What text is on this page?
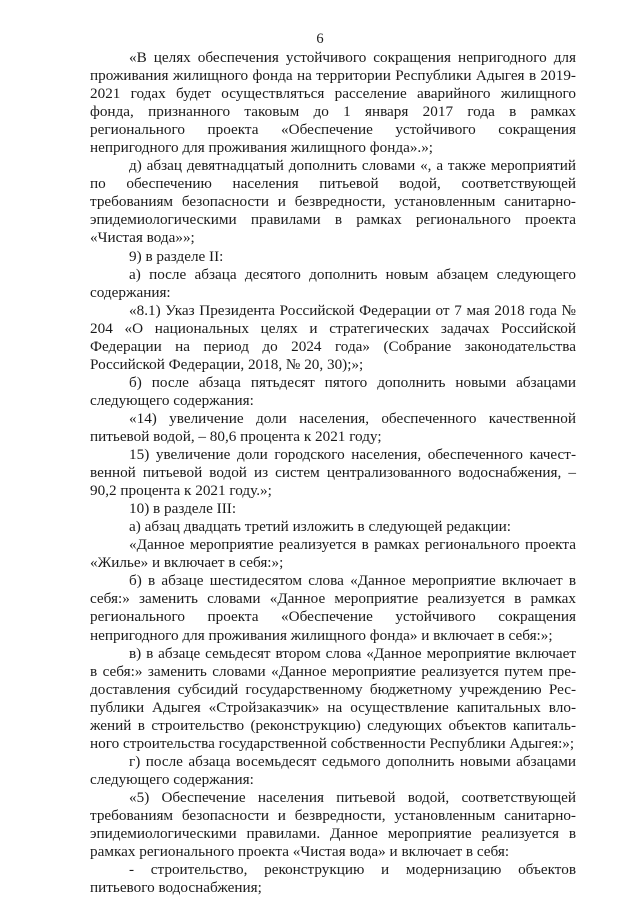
6

«В целях обеспечения устойчивого сокращения непригодного для проживания жилищного фонда на территории Республики Адыгея в 2019-2021 годах будет осуществляться расселение аварийного жилищного фонда, признанного таковым до 1 января 2017 года в рамках регионального проекта «Обеспечение устойчивого сокращения непригодного для проживания жилищного фонда».»;

д) абзац девятнадцатый дополнить словами «, а также мероприятий по обеспечению населения питьевой водой, соответствующей требованиям безопасности и безвредности, установленным санитарно-эпидемиологическими правилами в рамках регионального проекта «Чистая вода»»;

9) в разделе II:

а) после абзаца десятого дополнить новым абзацем следующего содержания:

«8.1) Указ Президента Российской Федерации от 7 мая 2018 года № 204 «О национальных целях и стратегических задачах Российской Федерации на период до 2024 года» (Собрание законодательства Российской Федерации, 2018, № 20, 30);»;

б) после абзаца пятьдесят пятого дополнить новыми абзацами следующего содержания:

«14) увеличение доли населения, обеспеченного качественной питьевой водой, – 80,6 процента к 2021 году;

15) увеличение доли городского населения, обеспеченного качественной питьевой водой из систем централизованного водоснабжения, – 90,2 процента к 2021 году.»;

10) в разделе III:

а) абзац двадцать третий изложить в следующей редакции:

«Данное мероприятие реализуется в рамках регионального проекта «Жилье» и включает в себя:»;

б) в абзаце шестидесятом слова «Данное мероприятие включает в себя:» заменить словами «Данное мероприятие реализуется в рамках регионального проекта «Обеспечение устойчивого сокращения непригодного для проживания жилищного фонда» и включает в себя:»;

в) в абзаце семьдесят втором слова «Данное мероприятие включает в себя:» заменить словами «Данное мероприятие реализуется путем предоставления субсидий государственному бюджетному учреждению Республики Адыгея «Стройзаказчик» на осуществление капитальных вложений в строительство (реконструкцию) следующих объектов капитального строительства государственной собственности Республики Адыгея:»;

г) после абзаца восемьдесят седьмого дополнить новыми абзацами следующего содержания:

«5) Обеспечение населения питьевой водой, соответствующей требованиям безопасности и безвредности, установленным санитарно-эпидемиологическими правилами. Данное мероприятие реализуется в рамках регионального проекта «Чистая вода» и включает в себя:

- строительство, реконструкцию и модернизацию объектов питьевого водоснабжения;
